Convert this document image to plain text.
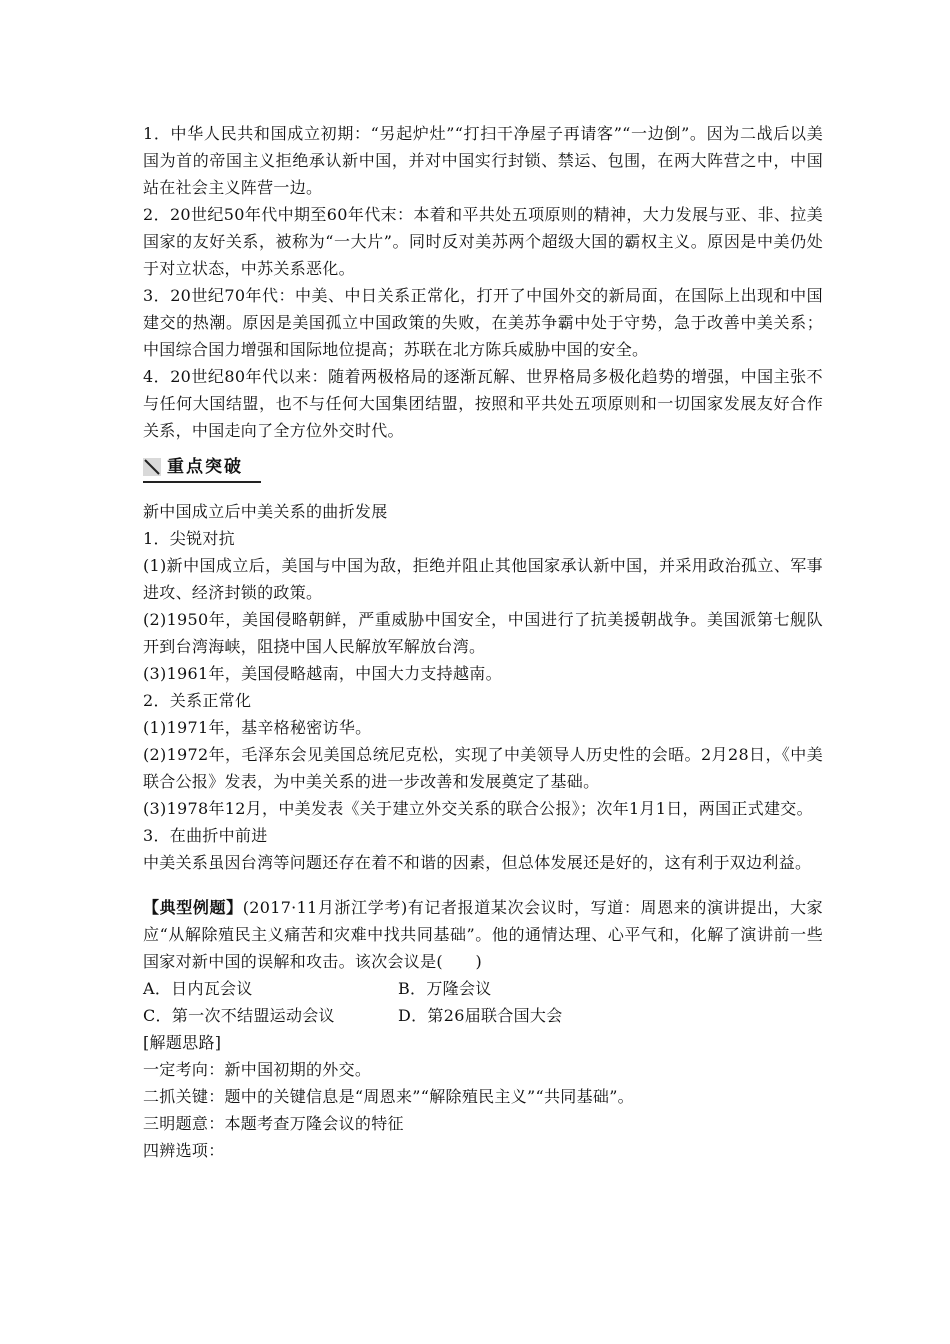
1．中华人民共和国成立初期：“另起炉灶”“打扫干净屋子再请客”“一边倒”。因为二战后以美国为首的帝国主义拒绝承认新中国，并对中国实行封锁、禁运、包围，在两大阵营之中，中国站在社会主义阵营一边。

2．20世纪50年代中期至60年代末：本着和平共处五项原则的精神，大力发展与亚、非、拉美国家的友好关系，被称为“一大片”。同时反对美苏两个超级大国的霸权主义。原因是中美仍处于对立状态，中苏关系恶化。

3．20世纪70年代：中美、中日关系正常化，打开了中国外交的新局面，在国际上出现和中国建交的热潮。原因是美国孤立中国政策的失败，在美苏争霸中处于守势，急于改善中美关系；中国综合国力增强和国际地位提高；苏联在北方陈兵威胁中国的安全。

4．20世纪80年代以来：随着两极格局的逐渐瓦解、世界格局多极化趋势的增强，中国主张不与任何大国结盟，也不与任何大国集团结盟，按照和平共处五项原则和一切国家发展友好合作关系，中国走向了全方位外交时代。

重点突破

新中国成立后中美关系的曲折发展

1．尖锐对抗

(1)新中国成立后，美国与中国为敌，拒绝并阻止其他国家承认新中国，并采用政治孤立、军事进攻、经济封锁的政策。

(2)1950年，美国侵略朝鲜，严重威胁中国安全，中国进行了抗美援朝战争。美国派第七舰队开到台湾海峡，阻挠中国人民解放军解放台湾。

(3)1961年，美国侵略越南，中国大力支持越南。

2．关系正常化

(1)1971年，基辛格秘密访华。

(2)1972年，毛泽东会见美国总统尼克松，实现了中美领导人历史性的会晤。2月28日，《中美联合公报》发表，为中美关系的进一步改善和发展奠定了基础。

(3)1978年12月，中美发表《关于建立外交关系的联合公报》；次年1月1日，两国正式建交。

3．在曲折中前进

中美关系虽因台湾等问题还存在着不和谐的因素，但总体发展还是好的，这有利于双边利益。

【典型例题】(2017·11月浙江学考)有记者报道某次会议时，写道：周恩来的演讲提出，大家应“从解除殖民主义痛苦和灾难中找共同基础”。他的通情达理、心平气和，化解了演讲前一些国家对新中国的误解和攻击。该次会议是(　　)

A．日内瓦会议	B．万隆会议
C．第一次不结盟运动会议	D．第26届联合国大会

[解题思路]

一定考向：新中国初期的外交。

二抓关键：题中的关键信息是“周恩来”“解除殖民主义”“共同基础”。

三明题意：本题考查万隆会议的特征

四辨选项：
